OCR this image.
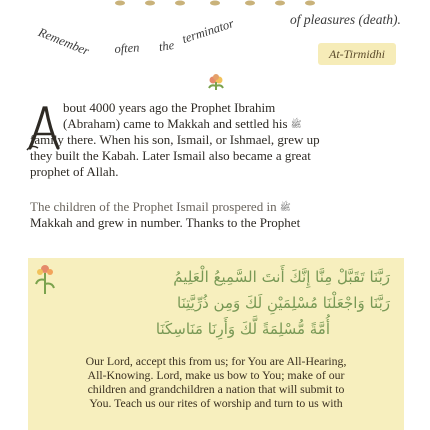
Remember often the terminator	of pleasures (death).
At-Tirmidhi
bout 4000 years ago the Prophet Ibrahim
(Abraham) came to Makkah and settled his ﷺ
family there. When his son, Ismail, or Ishmael, grew up
they built the Kabah. Later Ismail also became a great
prophet of Allah.
The children of the Prophet Ismail prospered in ﷺ
Makkah and grew in number. Thanks to the Prophet
رَبَّنَا تَقَبَّلْ مِنَّا إِنَّكَ أَنتَ السَّمِيعُ الْعَلِيمُ
رَبَّنَا وَاجْعَلْنَا مُسْلِمَيْنِ لَكَ وَمِن ذُرِّيَّتِنَا
أُمَّةً مُّسْلِمَةً لَّكَ وَأَرِنَا مَنَاسِكَنَا
Our Lord, accept this from us; for You are All-Hearing,
All-Knowing. Lord, make us bow to You; make of our
children and grandchildren a nation that will submit to
You. Teach us our rites of worship and turn to us with
